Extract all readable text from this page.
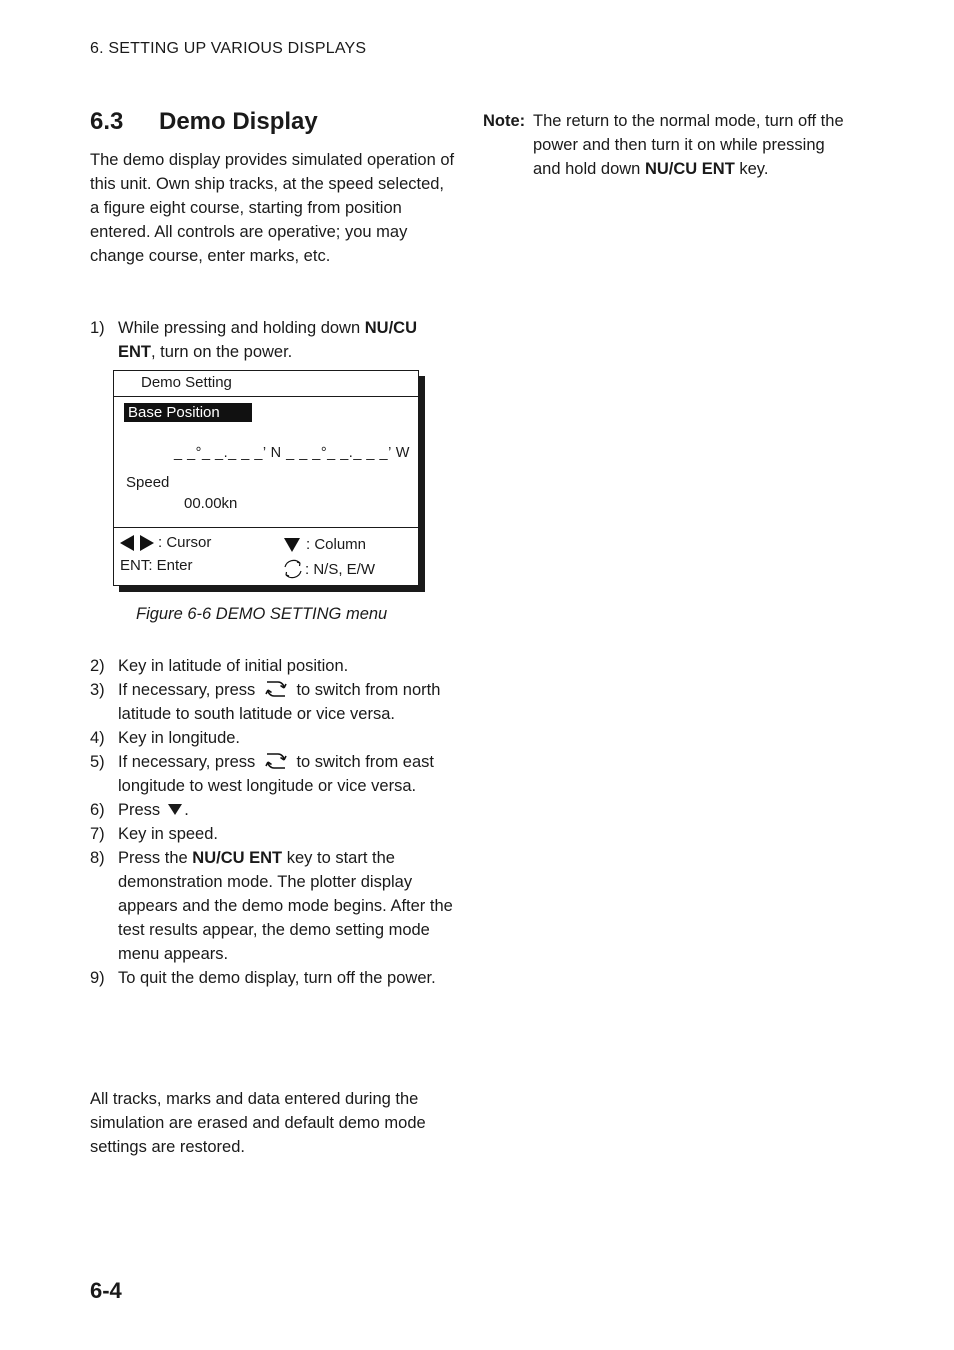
6. SETTING UP VARIOUS DISPLAYS
6.3 Demo Display
The demo display provides simulated operation of this unit. Own ship tracks, at the speed selected, a figure eight course, starting from position entered. All controls are operative; you may change course, enter marks, etc.
1) While pressing and holding down NU/CU ENT, turn on the power.
Demo Setting
Base Position
_ _°_ _._ _ _’ N _ _ _°_ _._ _ _’ W
Speed
00.00kn
: Cursor
ENT: Enter
: Column
: N/S, E/W
Figure 6-6 DEMO SETTING menu
2) Key in latitude of initial position.
3) If necessary, press to switch from north latitude to south latitude or vice versa.
4) Key in longitude.
5) If necessary, press to switch from east longitude to west longitude or vice versa.
6) Press .
7) Key in speed.
8) Press the NU/CU ENT key to start the demonstration mode. The plotter display appears and the demo mode begins. After the test results appear, the demo setting mode menu appears.
9) To quit the demo display, turn off the power.
All tracks, marks and data entered during the simulation are erased and default demo mode settings are restored.
Note: The return to the normal mode, turn off the power and then turn it on while pressing and hold down NU/CU ENT key.
6-4
